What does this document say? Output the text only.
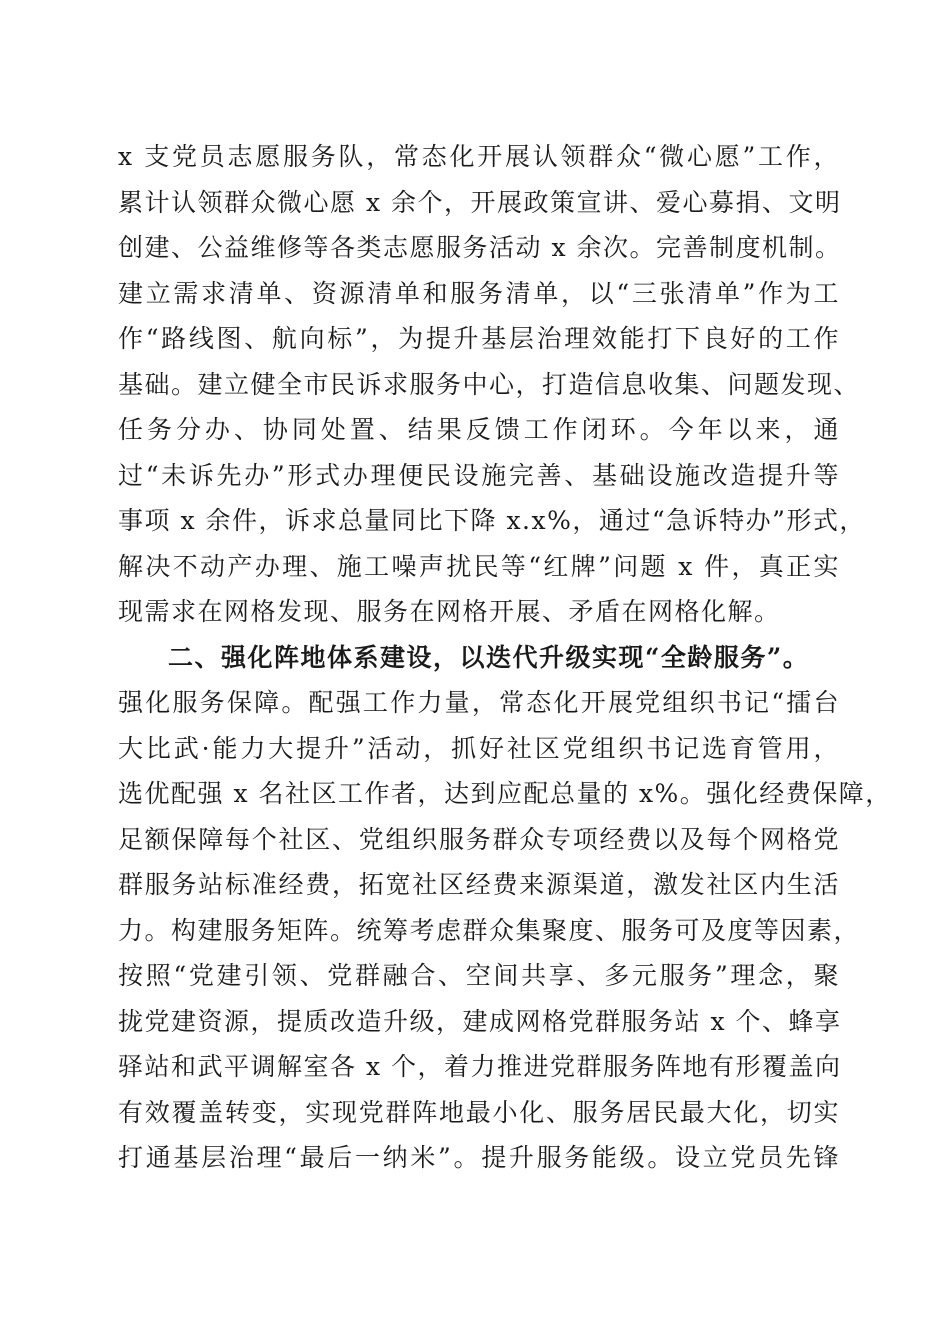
x 支党员志愿服务队，常态化开展认领群众“微心愿”工作，
累计认领群众微心愿 x 余个，开展政策宣讲、爱心募捐、文明
创建、公益维修等各类志愿服务活动 x 余次。完善制度机制。
建立需求清单、资源清单和服务清单，以“三张清单”作为工
作“路线图、航向标”，为提升基层治理效能打下良好的工作
基础。建立健全市民诉求服务中心，打造信息收集、问题发现、
任务分办、协同处置、结果反馈工作闭环。今年以来，通
过“未诉先办”形式办理便民设施完善、基础设施改造提升等
事项 x 余件，诉求总量同比下降 x.x%，通过“急诉特办”形式，
解决不动产办理、施工噪声扰民等“红牌”问题 x 件，真正实
现需求在网格发现、服务在网格开展、矛盾在网格化解。
二、强化阵地体系建设，以迭代升级实现“全龄服务”。
强化服务保障。配强工作力量，常态化开展党组织书记“擂台
大比武·能力大提升”活动，抓好社区党组织书记选育管用，
选优配强 x 名社区工作者，达到应配总量的 x%。强化经费保障，
足额保障每个社区、党组织服务群众专项经费以及每个网格党
群服务站标准经费，拓宽社区经费来源渠道，激发社区内生活
力。构建服务矩阵。统筹考虑群众集聚度、服务可及度等因素，
按照“党建引领、党群融合、空间共享、多元服务”理念，聚
拢党建资源，提质改造升级，建成网格党群服务站 x 个、蜂享
驿站和武平调解室各 x 个，着力推进党群服务阵地有形覆盖向
有效覆盖转变，实现党群阵地最小化、服务居民最大化，切实
打通基层治理“最后一纳米”。提升服务能级。设立党员先锋
